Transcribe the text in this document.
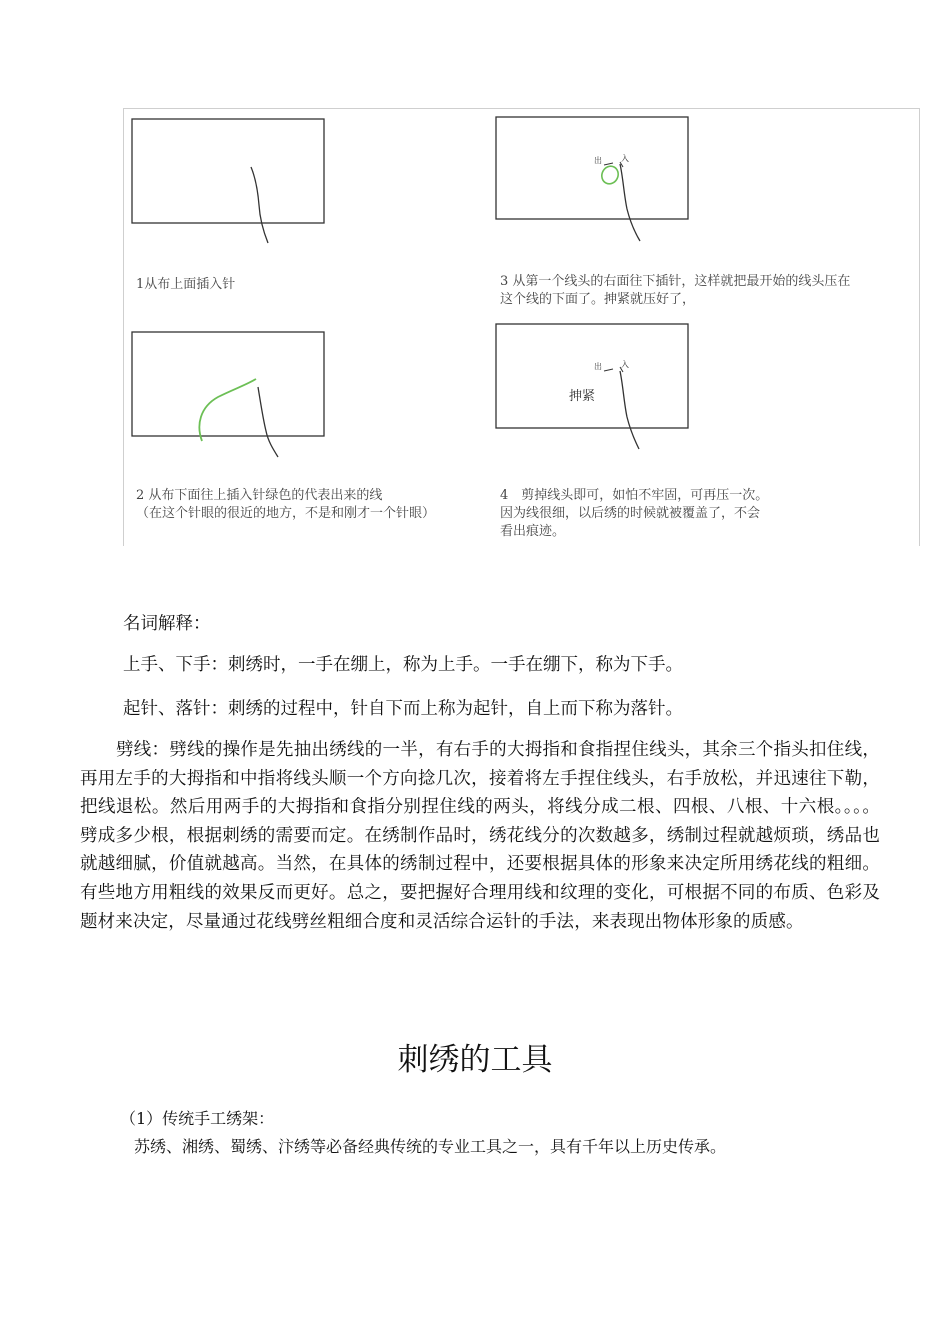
出 入
出 入
抻紧
1从布上面插入针	3 从第一个线头的右面往下插针，这样就把最开始的线头压在
这个线的下面了。抻紧就压好了，
2 从布下面往上插入针绿色的代表出来的线
（在这个针眼的很近的地方，不是和刚才一个针眼）
4　剪掉线头即可，如怕不牢固，可再压一次。
因为线很细，以后绣的时候就被覆盖了，不会
看出痕迹。
名词解释：
上手、下手：刺绣时，一手在绷上，称为上手。一手在绷下，称为下手。
起针、落针：刺绣的过程中，针自下而上称为起针，自上而下称为落针。
劈线：劈线的操作是先抽出绣线的一半，有右手的大拇指和食指捏住线头，其余三个指头扣住线，再用左手的大拇指和中指将线头顺一个方向捻几次，接着将左手捏住线头，右手放松，并迅速往下勒，把线退松。然后用两手的大拇指和食指分别捏住线的两头，将线分成二根、四根、八根、十六根。。。。劈成多少根，根据刺绣的需要而定。在绣制作品时，绣花线分的次数越多，绣制过程就越烦琐，绣品也就越细腻，价值就越高。当然，在具体的绣制过程中，还要根据具体的形象来决定所用绣花线的粗细。有些地方用粗线的效果反而更好。总之，要把握好合理用线和纹理的变化，可根据不同的布质、色彩及题材来决定，尽量通过花线劈丝粗细合度和灵活综合运针的手法，来表现出物体形象的质感。
刺绣的工具
（1）传统手工绣架：
苏绣、湘绣、蜀绣、汴绣等必备经典传统的专业工具之一，具有千年以上历史传承。
